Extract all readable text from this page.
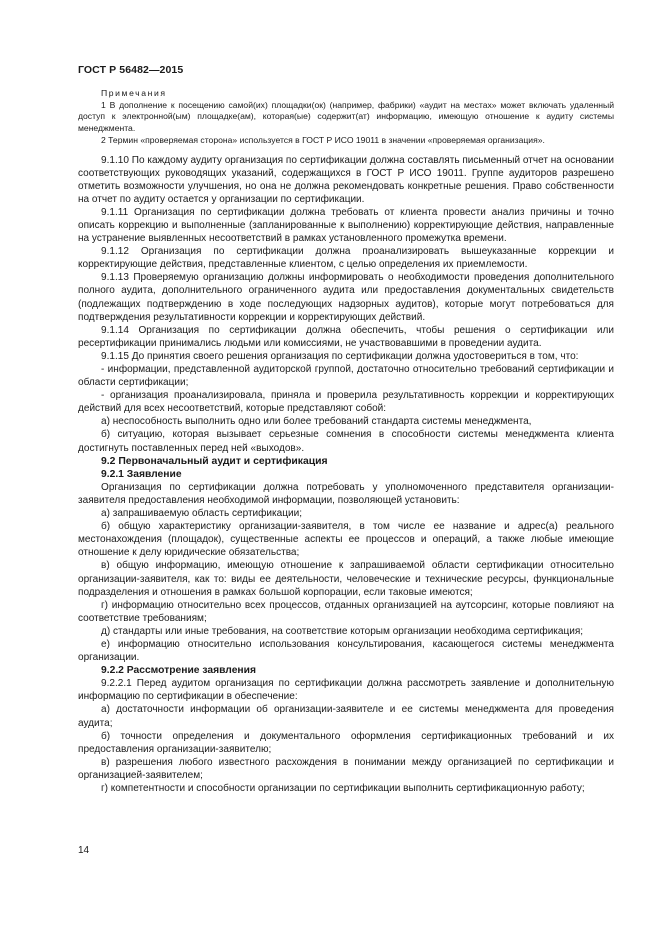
ГОСТ Р 56482—2015

Примечания

1 В дополнение к посещению самой(их) площадки(ок) (например, фабрики) «аудит на местах» может включать удаленный доступ к электронной(ым) площадке(ам), которая(ые) содержит(ат) информацию, имеющую отношение к аудиту системы менеджмента.

2 Термин «проверяемая сторона» используется в ГОСТ Р ИСО 19011 в значении «проверяемая организация».

9.1.10 По каждому аудиту организация по сертификации должна составлять письменный отчет на основании соответствующих руководящих указаний, содержащихся в ГОСТ Р ИСО 19011. Группе аудиторов разрешено отметить возможности улучшения, но она не должна рекомендовать конкретные решения. Право собственности на отчет по аудиту остается у организации по сертификации.

9.1.11 Организация по сертификации должна требовать от клиента провести анализ причины и точно описать коррекцию и выполненные (запланированные к выполнению) корректирующие действия, направленные на устранение выявленных несоответствий в рамках установленного промежутка времени.

9.1.12 Организация по сертификации должна проанализировать вышеуказанные коррекции и корректирующие действия, представленные клиентом, с целью определения их приемлемости.

9.1.13 Проверяемую организацию должны информировать о необходимости проведения дополнительного полного аудита, дополнительного ограниченного аудита или предоставления документальных свидетельств (подлежащих подтверждению в ходе последующих надзорных аудитов), которые могут потребоваться для подтверждения результативности коррекции и корректирующих действий.

9.1.14 Организация по сертификации должна обеспечить, чтобы решения о сертификации или ресертификации принимались людьми или комиссиями, не участвовавшими в проведении аудита.

9.1.15 До принятия своего решения организация по сертификации должна удостовериться в том, что:

- информации, представленной аудиторской группой, достаточно относительно требований сертификации и области сертификации;

- организация проанализировала, приняла и проверила результативность коррекции и корректирующих действий для всех несоответствий, которые представляют собой:

а) неспособность выполнить одно или более требований стандарта системы менеджмента,

б) ситуацию, которая вызывает серьезные сомнения в способности системы менеджмента клиента достигнуть поставленных перед ней «выходов».

9.2 Первоначальный аудит и сертификация

9.2.1 Заявление

Организация по сертификации должна потребовать у уполномоченного представителя организации-заявителя предоставления необходимой информации, позволяющей установить:

а) запрашиваемую область сертификации;

б) общую характеристику организации-заявителя, в том числе ее название и адрес(а) реального местонахождения (площадок), существенные аспекты ее процессов и операций, а также любые имеющие отношение к делу юридические обязательства;

в) общую информацию, имеющую отношение к запрашиваемой области сертификации относительно организации-заявителя, как то: виды ее деятельности, человеческие и технические ресурсы, функциональные подразделения и отношения в рамках большой корпорации, если таковые имеются;

г) информацию относительно всех процессов, отданных организацией на аутсорсинг, которые повлияют на соответствие требованиям;

д) стандарты или иные требования, на соответствие которым организации необходима сертификация;

е) информацию относительно использования консультирования, касающегося системы менеджмента организации.

9.2.2 Рассмотрение заявления

9.2.2.1 Перед аудитом организация по сертификации должна рассмотреть заявление и дополнительную информацию по сертификации в обеспечение:

а) достаточности информации об организации-заявителе и ее системы менеджмента для проведения аудита;

б) точности определения и документального оформления сертификационных требований и их предоставления организации-заявителю;

в) разрешения любого известного расхождения в понимании между организацией по сертификации и организацией-заявителем;

г) компетентности и способности организации по сертификации выполнить сертификационную работу;

14
